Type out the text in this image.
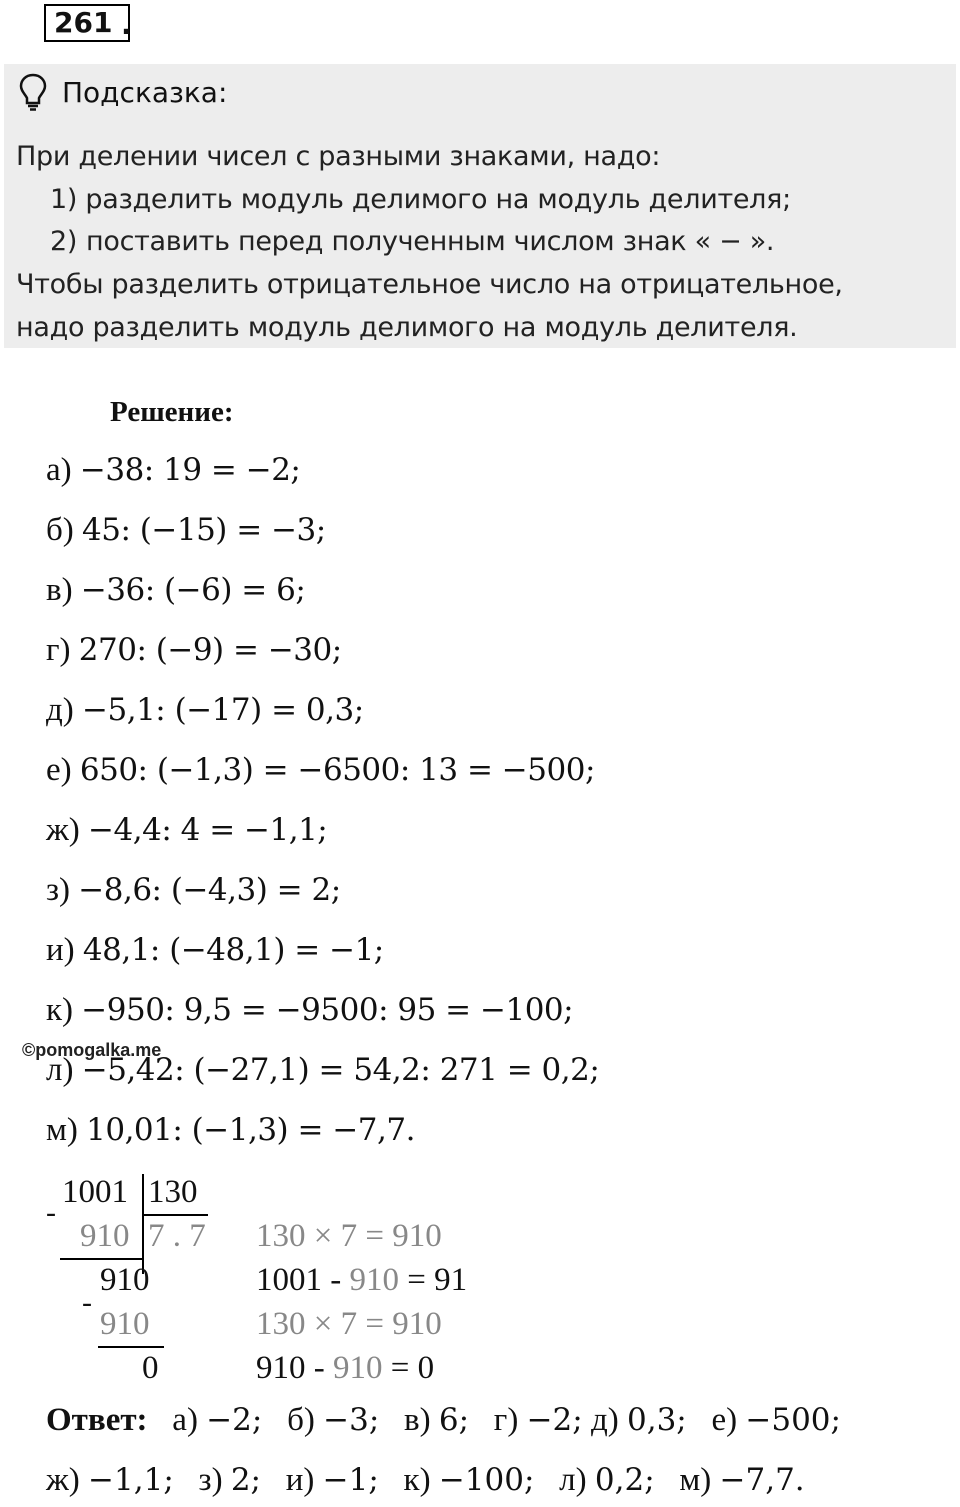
261 .
Подсказка:
При делении чисел с разными знаками, надо:
1) разделить модуль делимого на модуль делителя;
2) поставить перед полученным числом знак « − ».
Чтобы разделить отрицательное число на отрицательное,
надо разделить модуль делимого на модуль делителя.
Решение:
а) −38: 19 = −2;
б) 45: (−15) = −3;
в) −36: (−6) = 6;
г) 270: (−9) = −30;
д) −5,1: (−17) = 0,3;
е) 650: (−1,3) = −6500: 13 = −500;
ж) −4,4: 4 = −1,1;
з) −8,6: (−4,3) = 2;
и) 48,1: (−48,1) = −1;
к) −950: 9,5 = −9500: 95 = −100;
л) −5,42: (−27,1) = 54,2: 271 = 0,2;
м) 10,01: (−1,3) = −7,7.
©pomogalka.me
-
1001 130
910 7 . 7
910
-
910
0
130 × 7 = 910
1001 - 910 = 91
130 × 7 = 910
910 - 910 = 0
Ответ: а) −2; б) −3; в) 6; г) −2; д) 0,3; е) −500;
ж) −1,1; з) 2; и) −1; к) −100; л) 0,2; м) −7,7.
